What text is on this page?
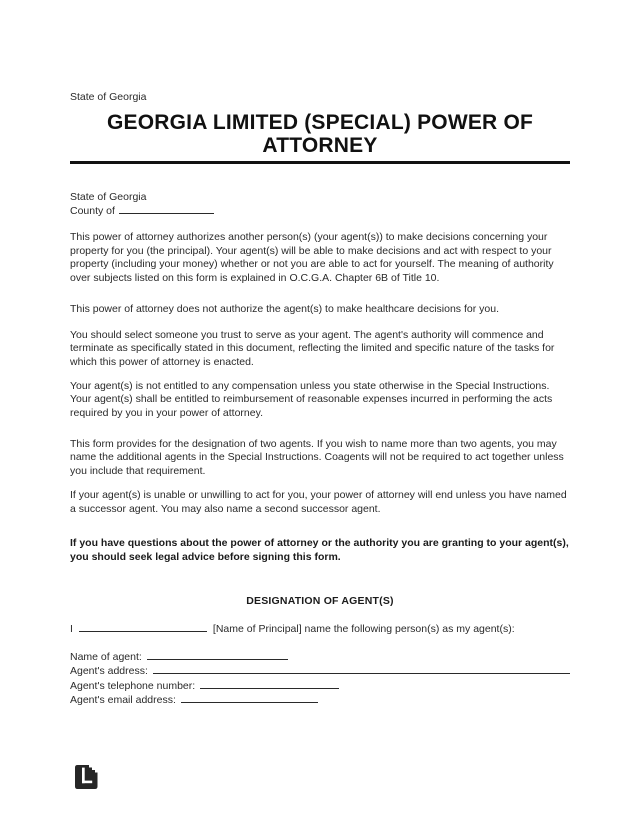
State of Georgia
GEORGIA LIMITED (SPECIAL) POWER OF ATTORNEY
State of Georgia
County of
This power of attorney authorizes another person(s) (your agent(s)) to make decisions concerning your property for you (the principal). Your agent(s) will be able to make decisions and act with respect to your property (including your money) whether or not you are able to act for yourself. The meaning of authority over subjects listed on this form is explained in O.C.G.A. Chapter 6B of Title 10.
This power of attorney does not authorize the agent(s) to make healthcare decisions for you.
You should select someone you trust to serve as your agent. The agent's authority will commence and terminate as specifically stated in this document, reflecting the limited and specific nature of the tasks for which this power of attorney is enacted.
Your agent(s) is not entitled to any compensation unless you state otherwise in the Special Instructions. Your agent(s) shall be entitled to reimbursement of reasonable expenses incurred in performing the acts required by you in your power of attorney.
This form provides for the designation of two agents. If you wish to name more than two agents, you may name the additional agents in the Special Instructions. Coagents will not be required to act together unless you include that requirement.
If your agent(s) is unable or unwilling to act for you, your power of attorney will end unless you have named a successor agent. You may also name a second successor agent.
If you have questions about the power of attorney or the authority you are granting to your agent(s), you should seek legal advice before signing this form.
DESIGNATION OF AGENT(S)
I	[Name of Principal] name the following person(s) as my agent(s):
Name of agent:
Agent's address:
Agent's telephone number:
Agent's email address:
